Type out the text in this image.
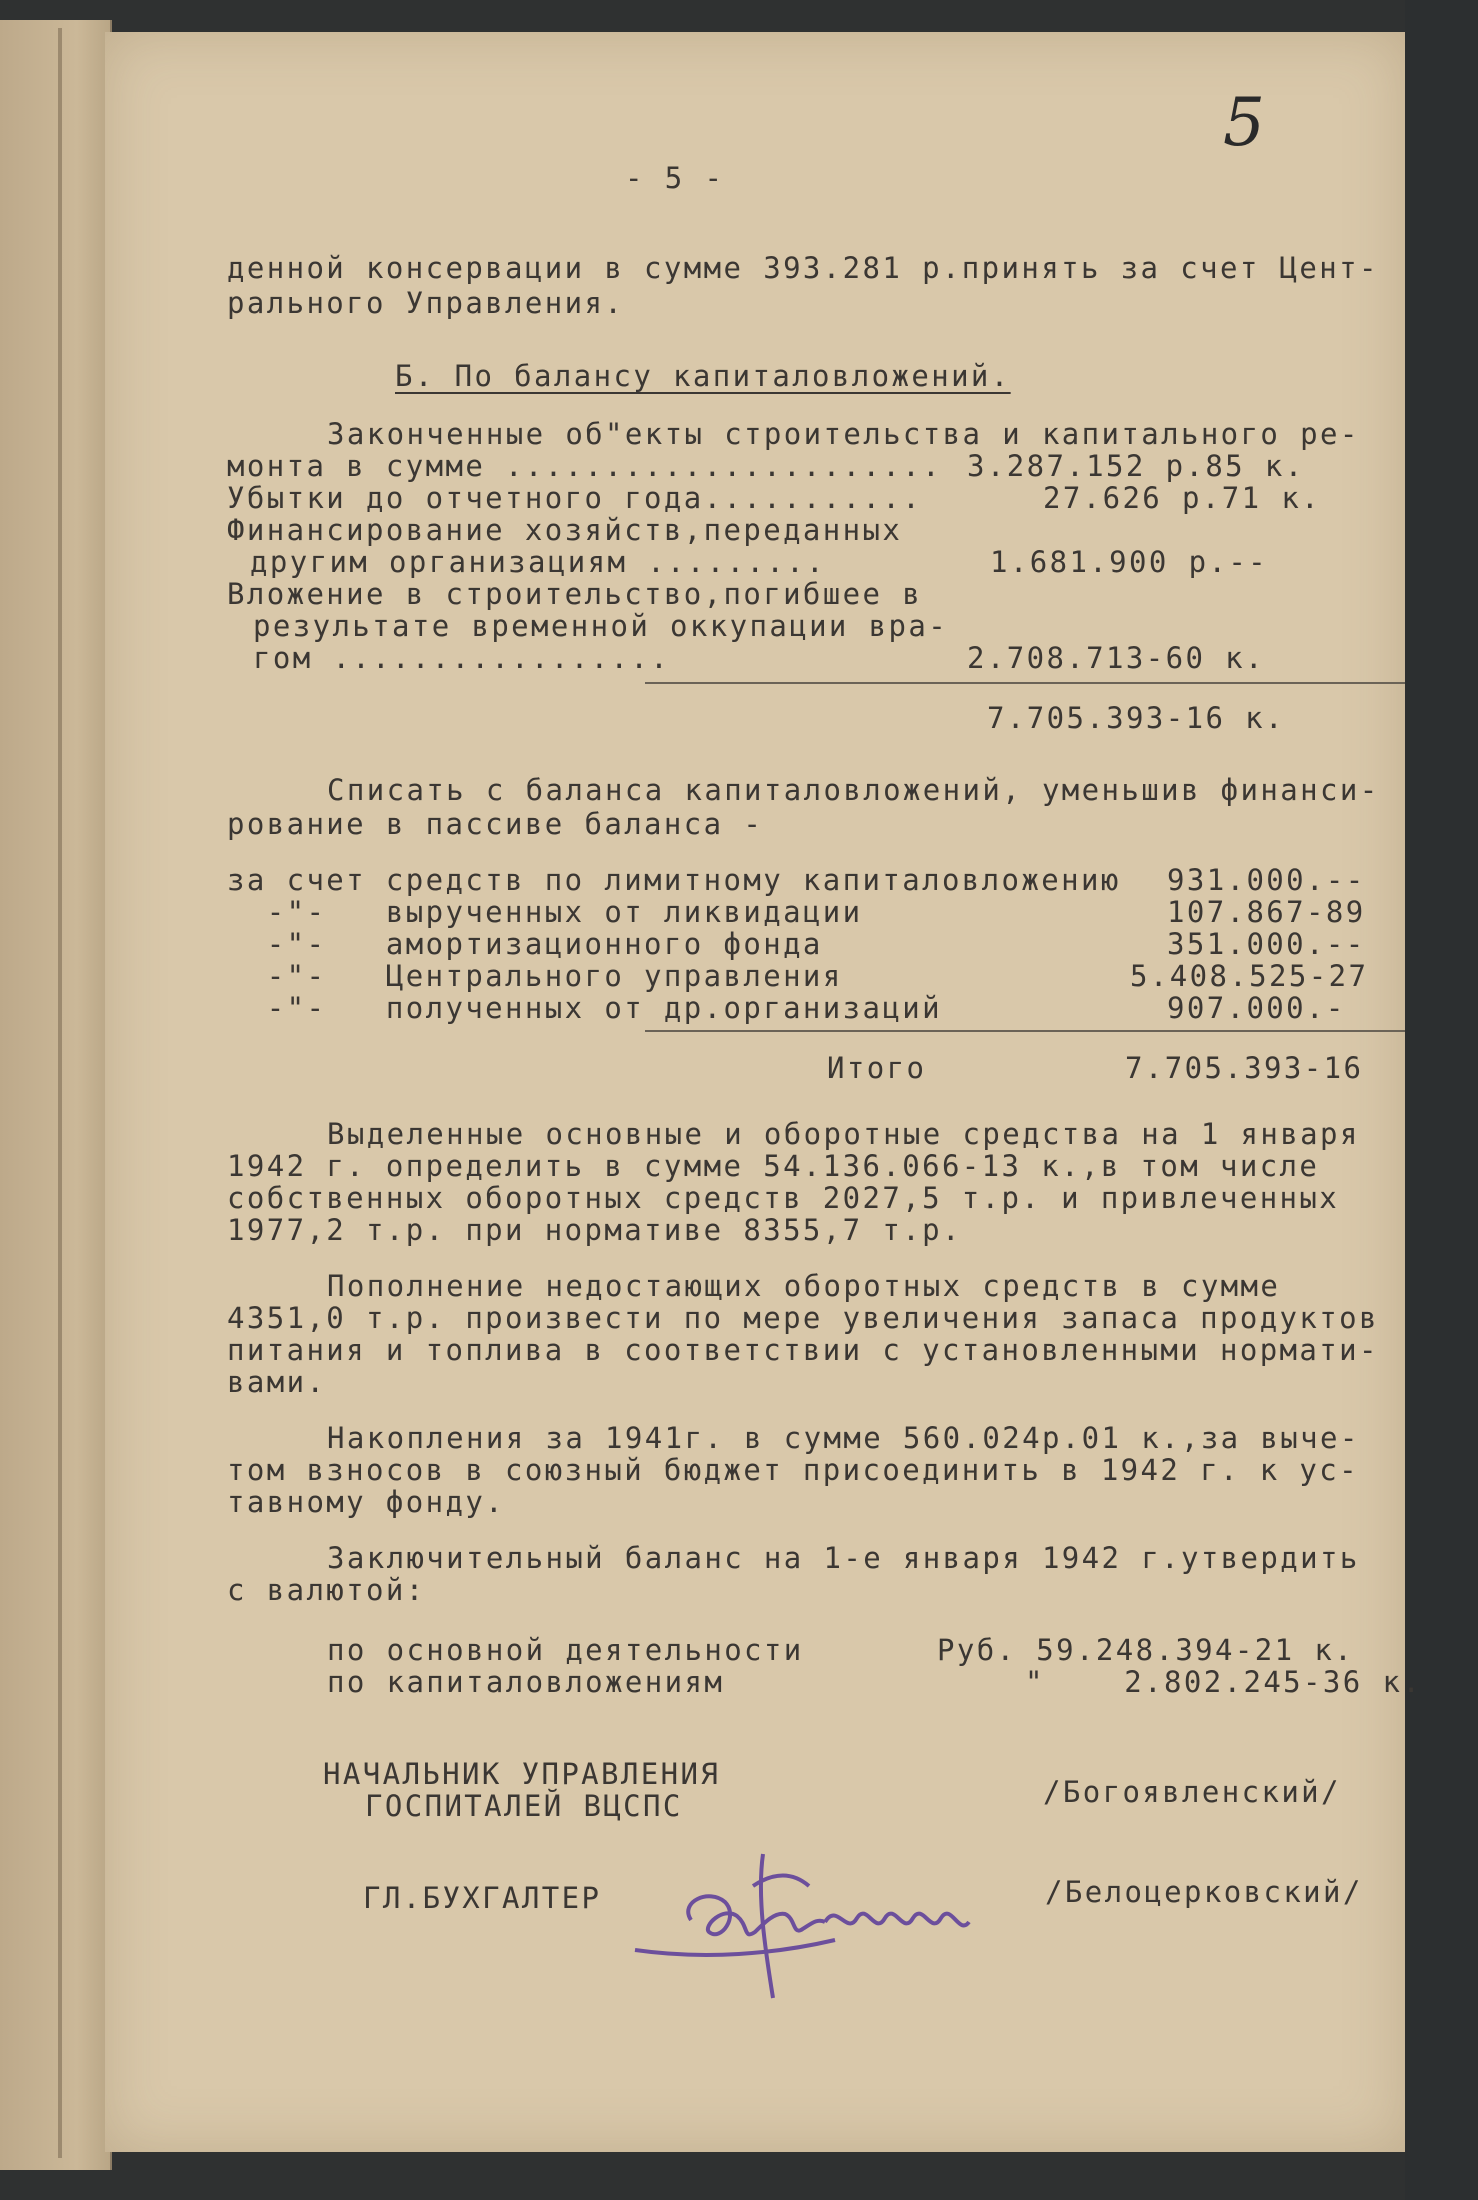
5
- 5 -
денной консервации в сумме 393.281 р.принять за счет Цент-
рального Управления.
Б. По балансу капиталовложений.
Законченные об"екты строительства и капитального ре-
монта в сумме ...................... 3.287.152 р.85 к.
Убытки до отчетного года...........	27.626 р.71 к.
Финансирование хозяйств,переданных
другим организациям .........	1.681.900 р.--
Вложение в строительство,погибшее в
результате временной оккупации вра-
гом .................	2.708.713-60 к.
7.705.393-16 к.
Списать с баланса капиталовложений, уменьшив финанси-
рование в пассиве баланса -
за счет средств по лимитному капиталовложению 931.000.--
-"-   вырученных от ликвидации	107.867-89
-"-   амортизационного фонда	351.000.--
-"-   Центрального управления	5.408.525-27
-"-   полученных от др.организаций	907.000.-
Итого	7.705.393-16
Выделенные основные и оборотные средства на 1 января
1942 г. определить в сумме 54.136.066-13 к.,в том числе
собственных оборотных средств 2027,5 т.р. и привлеченных
1977,2 т.р. при нормативе 8355,7 т.р.
Пополнение недостающих оборотных средств в сумме
4351,0 т.р. произвести по мере увеличения запаса продуктов
питания и топлива в соответствии с установленными нормати-
вами.
Накопления за 1941г. в сумме 560.024р.01 к.,за выче-
том взносов в союзный бюджет присоединить в 1942 г. к ус-
тавному фонду.
Заключительный баланс на 1-е января 1942 г.утвердить
с валютой:
по основной деятельности	Руб. 59.248.394-21 к.
по капиталовложениям	"    2.802.245-36 к.
НАЧАЛЬНИК УПРАВЛЕНИЯ
ГОСПИТАЛЕЙ ВЦСПС	/Богоявленский/
ГЛ.БУХГАЛТЕР	/Белоцерковский/
